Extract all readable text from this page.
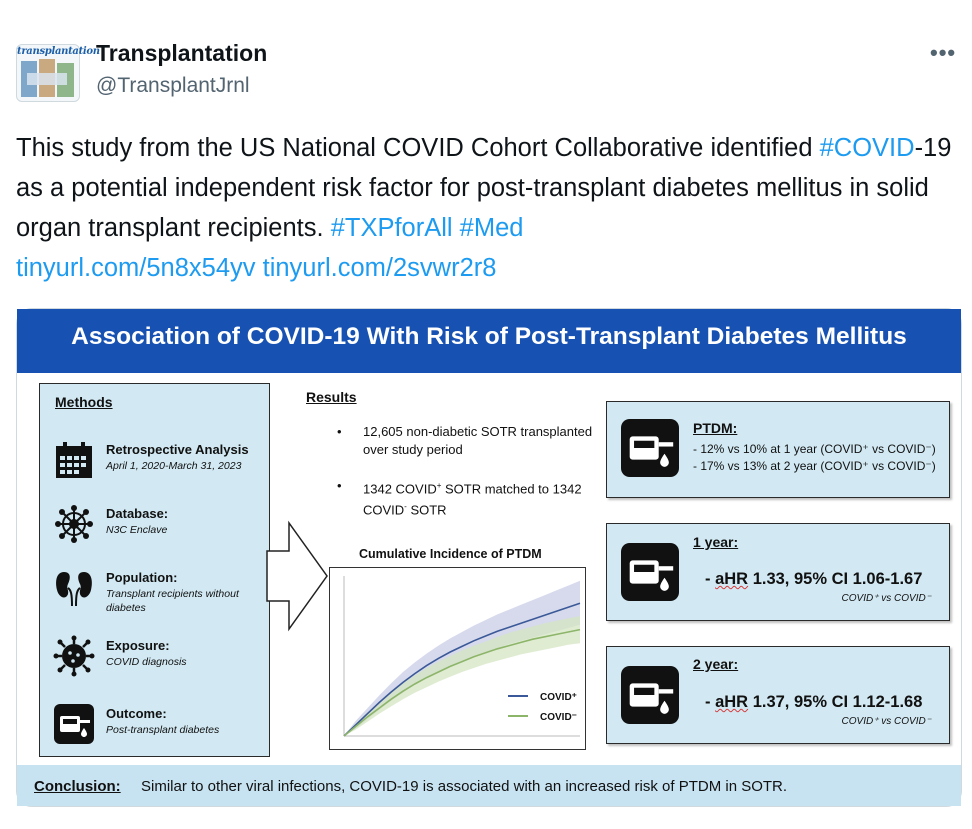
transplantation
Transplantation
@TransplantJrnl
•••
This study from the US National COVID Cohort Collaborative identified #COVID-19 as a potential independent risk factor for post-transplant diabetes mellitus in solid organ transplant recipients. #TXPforAll #Med
tinyurl.com/5n8x54yv tinyurl.com/2svwr2r8
Association of COVID-19 With Risk of Post-Transplant Diabetes Mellitus
Methods
Retrospective Analysis
April 1, 2020-March 31, 2023
Database:
N3C Enclave
Population:
Transplant recipients without diabetes
Exposure:
COVID diagnosis
Outcome:
Post-transplant diabetes
Results
• 12,605 non-diabetic SOTR transplanted over study period
• 1342 COVID+ SOTR matched to 1342 COVID- SOTR
Cumulative Incidence of PTDM
COVID⁺
COVID⁻
PTDM:
- 12% vs 10% at 1 year (COVID⁺ vs COVID⁻)
- 17% vs 13% at 2 year (COVID⁺ vs COVID⁻)
1 year:
- aHR 1.33, 95% CI 1.06-1.67
COVID⁺ vs COVID⁻
2 year:
- aHR 1.37, 95% CI 1.12-1.68
COVID⁺ vs COVID⁻
Conclusion: Similar to other viral infections, COVID-19 is associated with an increased risk of PTDM in SOTR.
